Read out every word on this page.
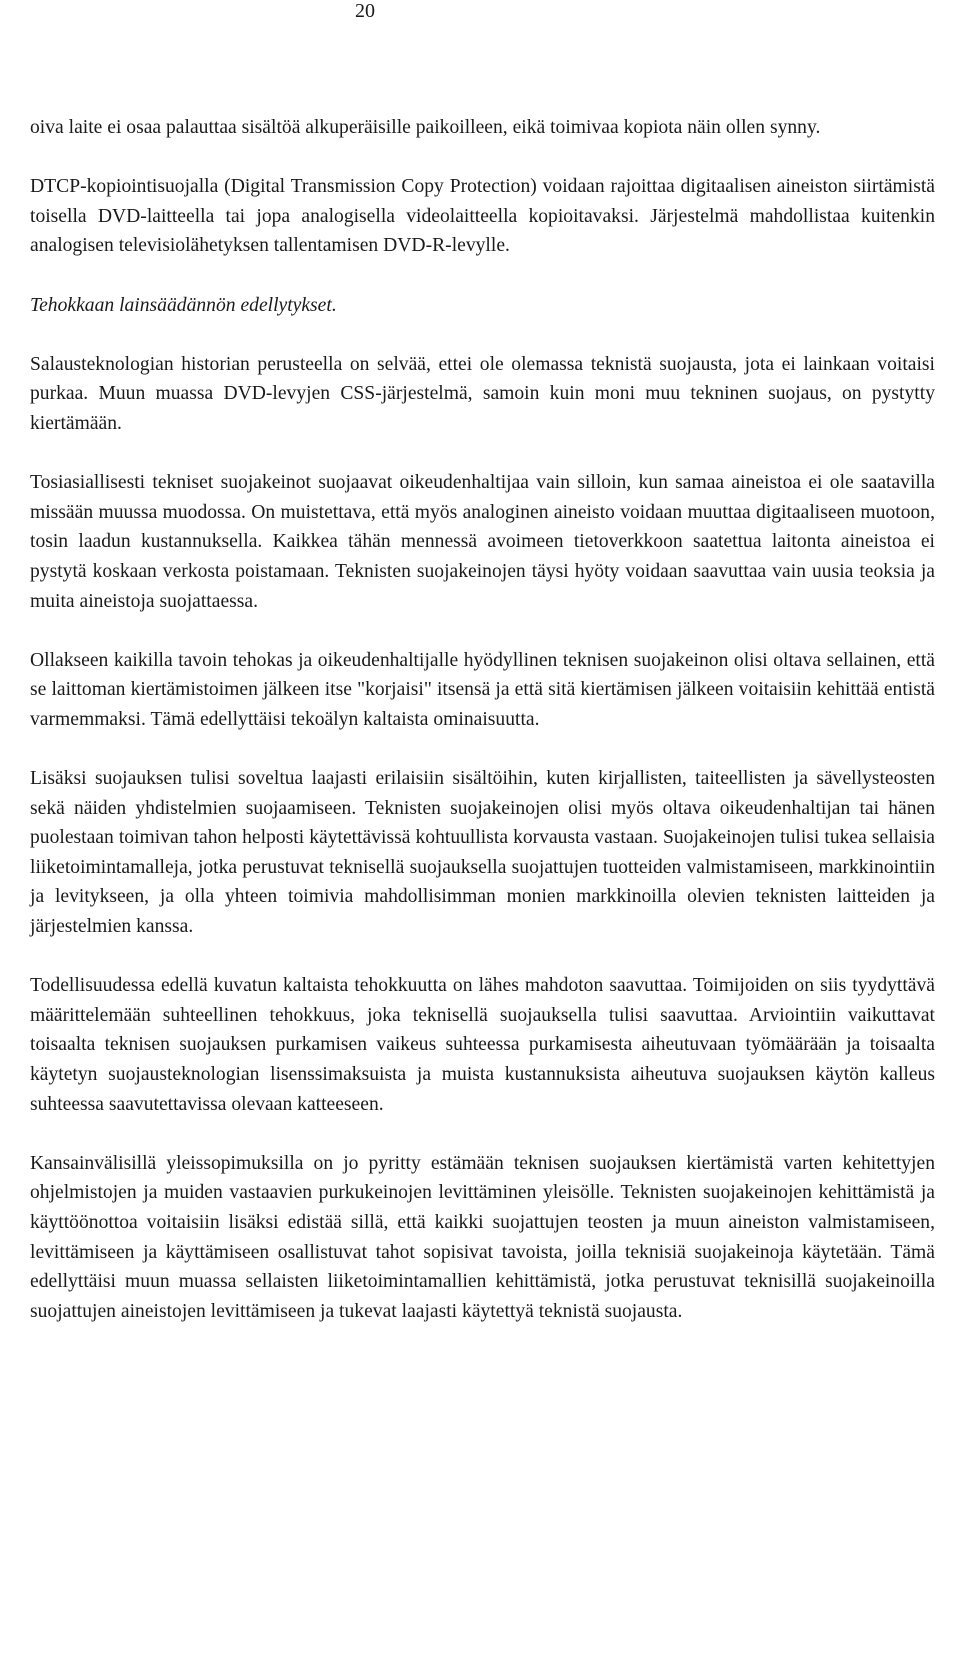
20

oiva laite ei osaa palauttaa sisältöä alkuperäisille paikoilleen, eikä toimivaa kopiota näin ollen synny.

DTCP-kopiointisuojalla (Digital Transmission Copy Protection) voidaan rajoittaa digitaalisen aineiston siirtämistä toisella DVD-laitteella tai jopa analogisella videolaitteella kopioitavaksi. Järjestelmä mahdollistaa kuitenkin analogisen televisiolähetyksen tallentamisen DVD-R-levylle.

Tehokkaan lainsäädännön edellytykset.

Salausteknologian historian perusteella on selvää, ettei ole olemassa teknistä suojausta, jota ei lainkaan voitaisi purkaa. Muun muassa DVD-levyjen CSS-järjestelmä, samoin kuin moni muu tekninen suojaus, on pystytty kiertämään.

Tosiasiallisesti tekniset suojakeinot suojaavat oikeudenhaltijaa vain silloin, kun samaa aineistoa ei ole saatavilla missään muussa muodossa. On muistettava, että myös analoginen aineisto voidaan muuttaa digitaaliseen muotoon, tosin laadun kustannuksella. Kaikkea tähän mennessä avoimeen tietoverkkoon saatettua laitonta aineistoa ei pystytä koskaan verkosta poistamaan. Teknisten suojakeinojen täysi hyöty voidaan saavuttaa vain uusia teoksia ja muita aineistoja suojattaessa.

Ollakseen kaikilla tavoin tehokas ja oikeudenhaltijalle hyödyllinen teknisen suojakeinon olisi oltava sellainen, että se laittoman kiertämistoimen jälkeen itse "korjaisi" itsensä ja että sitä kiertämisen jälkeen voitaisiin kehittää entistä varmemmaksi. Tämä edellyttäisi tekoälyn kaltaista ominaisuutta.

Lisäksi suojauksen tulisi soveltua laajasti erilaisiin sisältöihin, kuten kirjallisten, taiteellisten ja sävellysteosten sekä näiden yhdistelmien suojaamiseen. Teknisten suojakeinojen olisi myös oltava oikeudenhaltijan tai hänen puolestaan toimivan tahon helposti käytettävissä kohtuullista korvausta vastaan. Suojakeinojen tulisi tukea sellaisia liiketoimintamalleja, jotka perustuvat teknisellä suojauksella suojattujen tuotteiden valmistamiseen, markkinointiin ja levitykseen, ja olla yhteen toimivia mahdollisimman monien markkinoilla olevien teknisten laitteiden ja järjestelmien kanssa.

Todellisuudessa edellä kuvatun kaltaista tehokkuutta on lähes mahdoton saavuttaa. Toimijoiden on siis tyydyttävä määrittelemään suhteellinen tehokkuus, joka teknisellä suojauksella tulisi saavuttaa. Arviointiin vaikuttavat toisaalta teknisen suojauksen purkamisen vaikeus suhteessa purkamisesta aiheutuvaan työmäärään ja toisaalta käytetyn suojausteknologian lisenssimaksuista ja muista kustannuksista aiheutuva suojauksen käytön kalleus suhteessa saavutettavissa olevaan katteeseen.

Kansainvälisillä yleissopimuksilla on jo pyritty estämään teknisen suojauksen kiertämistä varten kehitettyjen ohjelmistojen ja muiden vastaavien purkukeinojen levittäminen yleisölle. Teknisten suojakeinojen kehittämistä ja käyttöönottoa voitaisiin lisäksi edistää sillä, että kaikki suojattujen teosten ja muun aineiston valmistamiseen, levittämiseen ja käyttämiseen osallistuvat tahot sopisivat tavoista, joilla teknisiä suojakeinoja käytetään. Tämä edellyttäisi muun muassa sellaisten liiketoimintamallien kehittämistä, jotka perustuvat teknisillä suojakeinoilla suojattujen aineistojen levittämiseen ja tukevat laajasti käytettyä teknistä suojausta.
